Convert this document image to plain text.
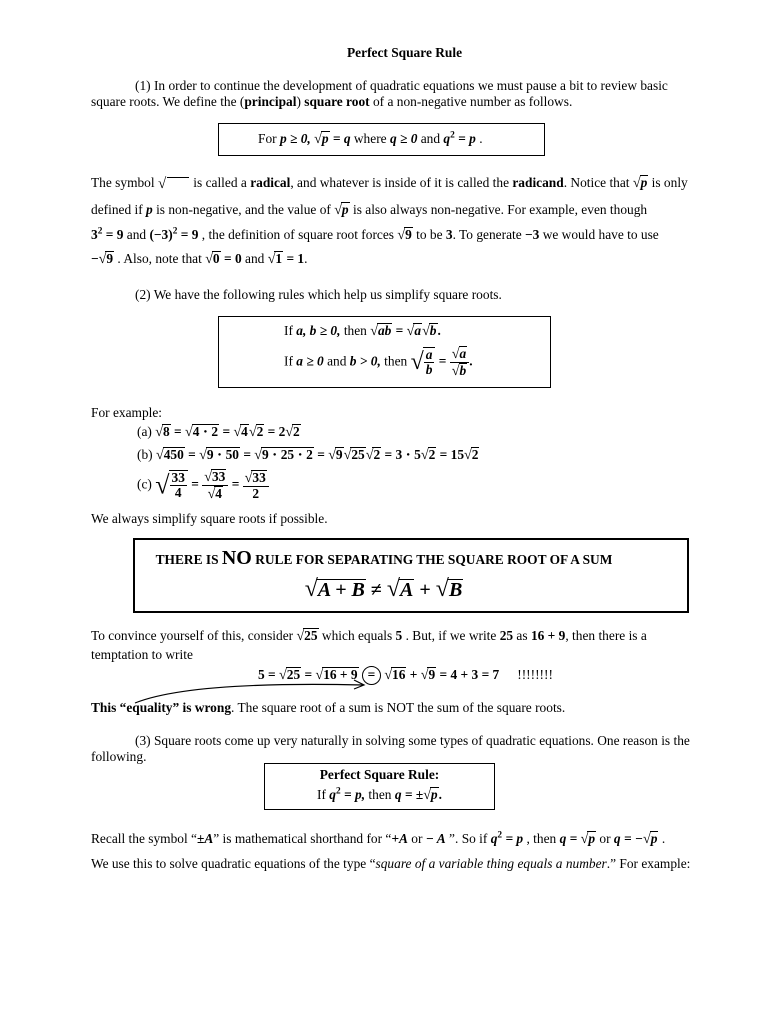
Perfect Square Rule
(1) In order to continue the development of quadratic equations we must pause a bit to review basic
square roots. We define the (principal) square root of a non-negative number as follows.
For p ≥ 0, √p = q where q ≥ 0 and $q^2 = p$ .
The symbol √ is called a radical, and whatever is inside of it is called the radicand. Notice that √p is only
defined if p is non-negative, and the value of √p is also always non-negative. For example, even though
$3^2 = 9$ and $(-3)^2 = 9$ , the definition of square root forces √9 to be 3. To generate −3 we would have to use
−√9 . Also, note that √0 = 0 and √1 = 1.
(2) We have the following rules which help us simplify square roots.
If a, b ≥ 0, then √ab = √a√b.
If a ≥ 0 and b > 0, then √ $\frac{a}{b} = \frac{√a}{√b}$ .
For example:
(a) √8 = √4 ⋅ 2 = √4√2 = 2√2
(b) √450 = √9 ⋅ 50 = √9 ⋅ 25 ⋅ 2 = √9√25√2 = 3 ⋅ 5√2 = 15√2
(c) √ $\frac{33}{4} = \frac{√33}{√4} = \frac{√33}{2}$
We always simplify square roots if possible.
THERE IS NO RULE FOR SEPARATING THE SQUARE ROOT OF A SUM
√A + B ≠ √A + √B
To convince yourself of this, consider √25 which equals 5 . But, if we write 25 as 16 + 9, then there is a
temptation to write
5 = √25 = √16 + 9 = √16 + √9 = 4 + 3 = 7 !!!!!!!!
This “equality” is wrong. The square root of a sum is NOT the sum of the square roots.
(3) Square roots come up very naturally in solving some types of quadratic equations. One reason is the
following.
Perfect Square Rule:
If $q^2 = p$, then q = ±√p.
Recall the symbol “±A” is mathematical shorthand for “+A or − A ”. So if $q^2 = p$ , then q = √p or q = −√p .
We use this to solve quadratic equations of the type “square of a variable thing equals a number.” For example:
